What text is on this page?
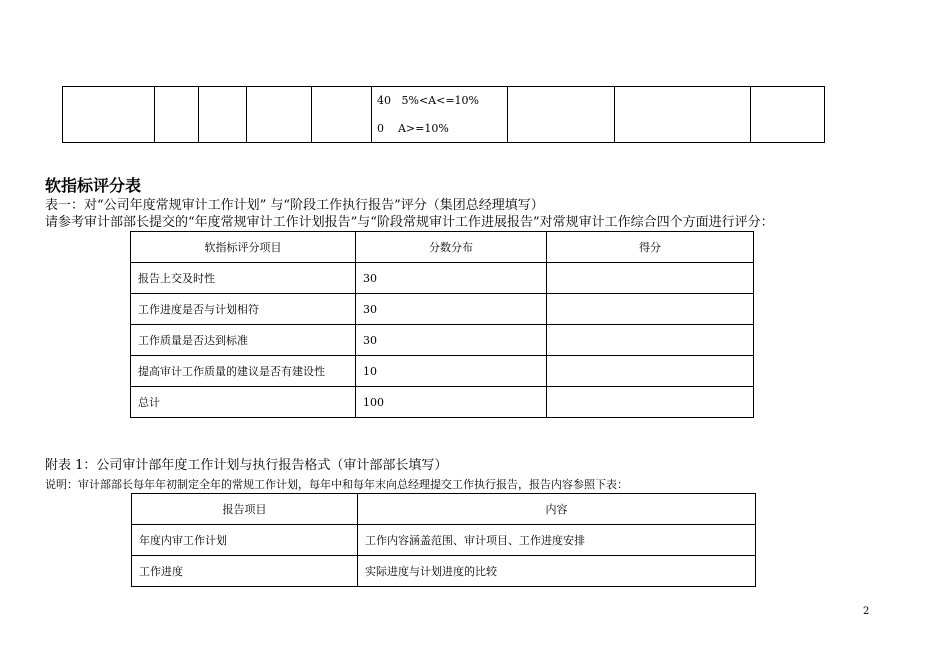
40   5%<A<=10%
0    A>=10%

软指标评分表
表一：对“公司年度常规审计工作计划” 与“阶段工作执行报告”评分（集团总经理填写）
请参考审计部部长提交的“年度常规审计工作计划报告”与“阶段常规审计工作进展报告”对常规审计工作综合四个方面进行评分：
软指标评分项目	分数分布	得分
报告上交及时性	30	
工作进度是否与计划相符	30	
工作质量是否达到标准	30	
提高审计工作质量的建议是否有建设性	10	
总计	100	
附表 1：公司审计部年度工作计划与执行报告格式（审计部部长填写）
说明：审计部部长每年年初制定全年的常规工作计划，每年中和每年末向总经理提交工作执行报告，报告内容参照下表：
报告项目	内容
年度内审工作计划	工作内容涵盖范围、审计项目、工作进度安排
工作进度	实际进度与计划进度的比较
2
